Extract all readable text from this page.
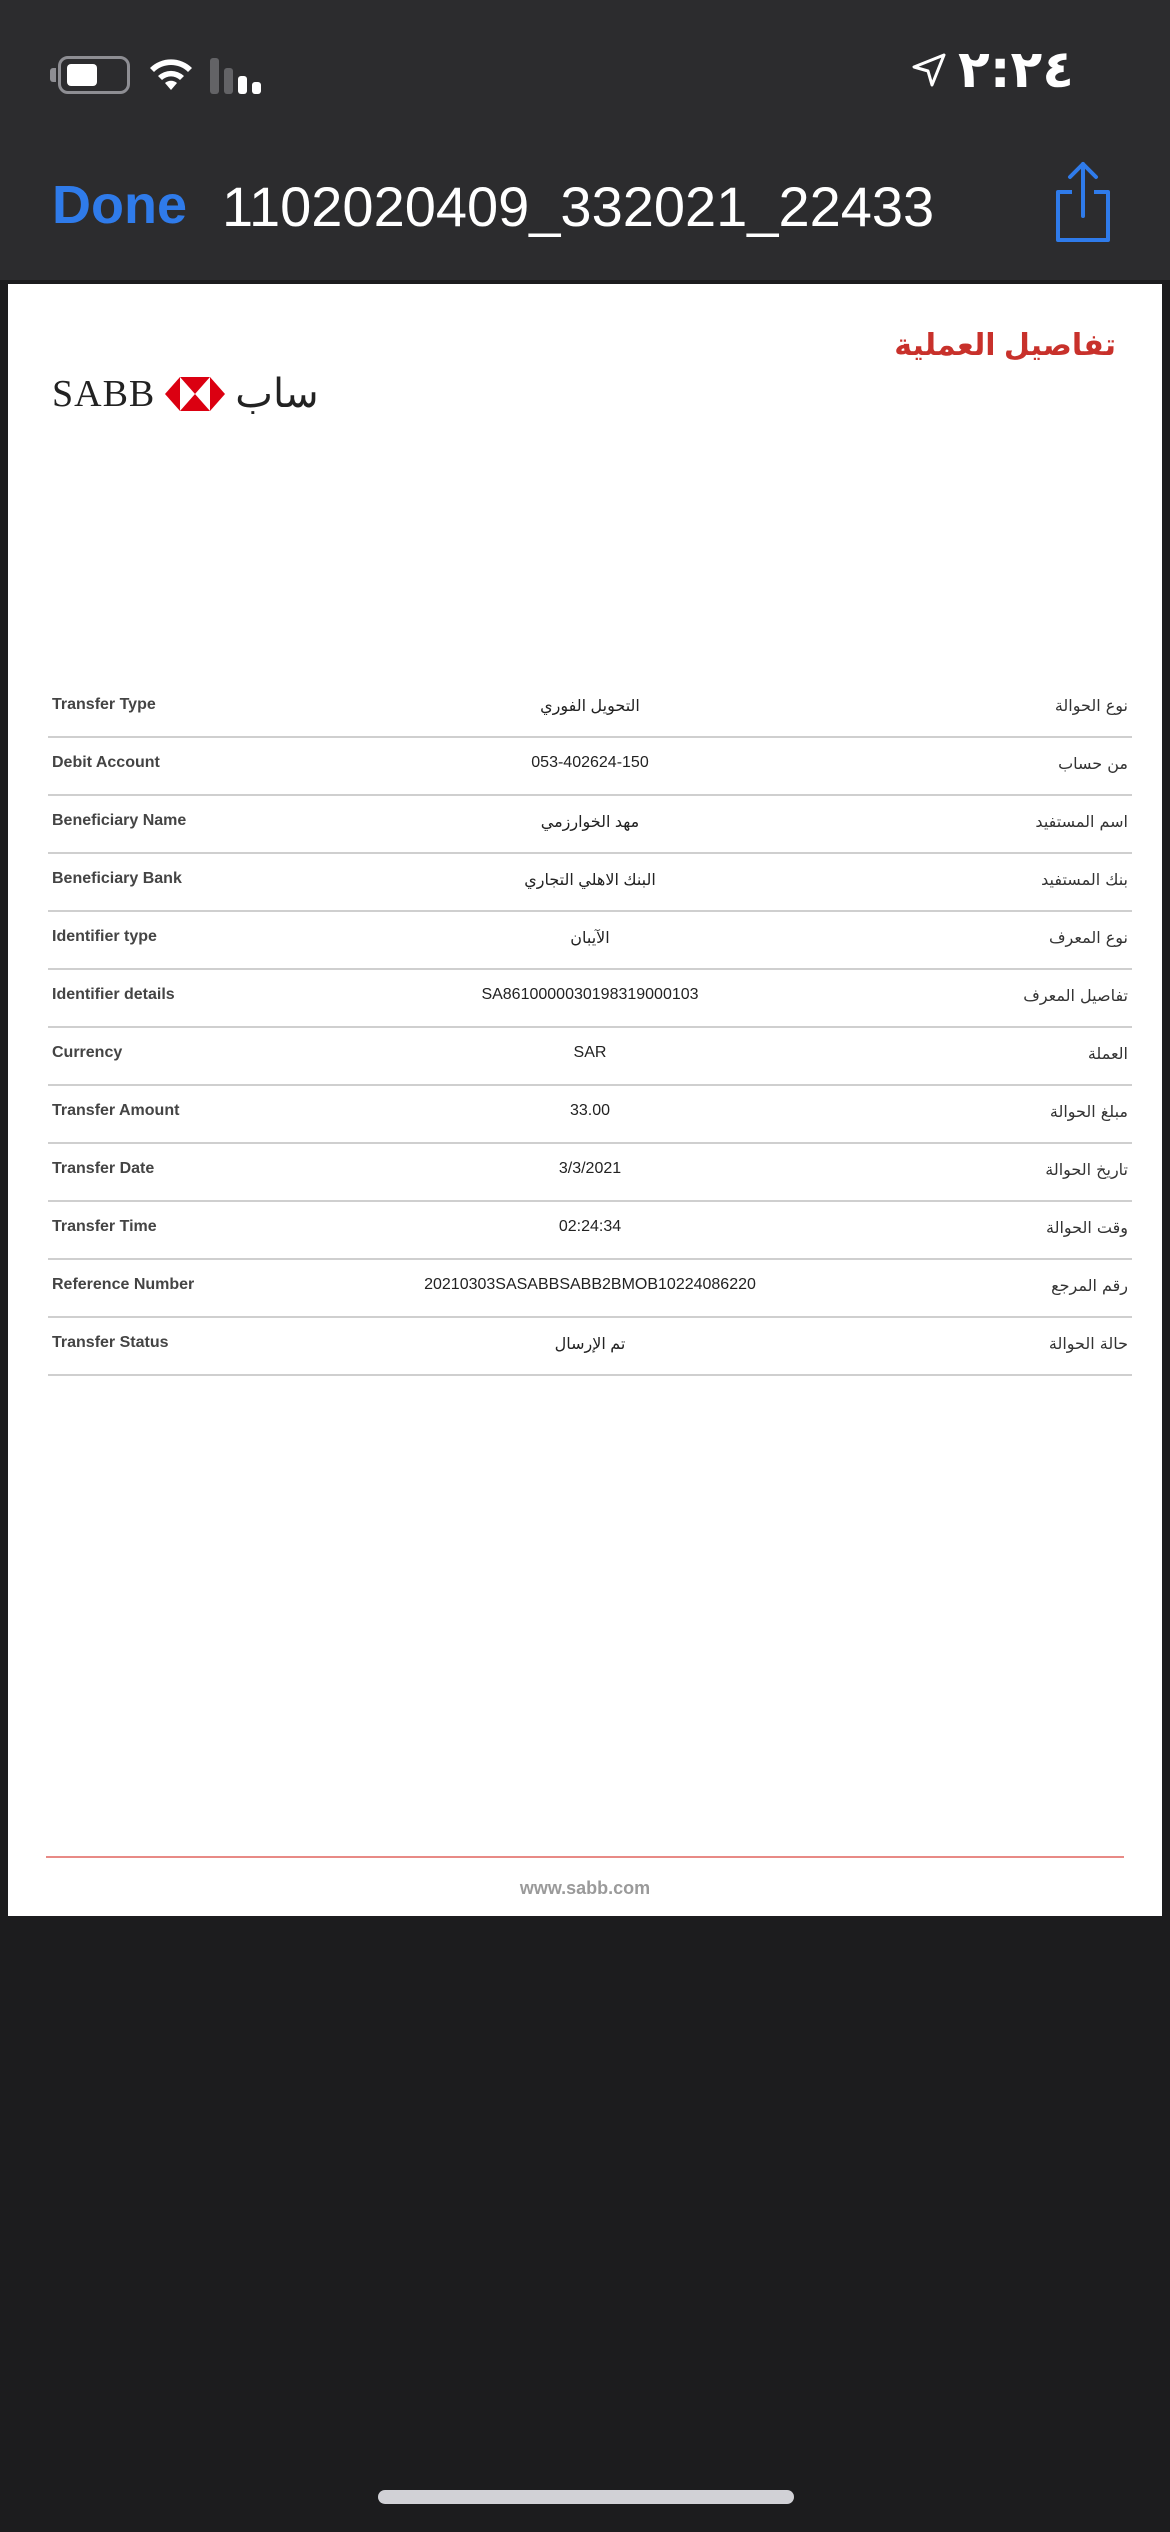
٢:٢٤
Done 1102020409_332021_22433
تفاصيل العملية
SABB ساب
Transfer Type	التحويل الفوري	نوع الحوالة
Debit Account	053-402624-150	من حساب
Beneficiary Name	مهد الخوارزمي	اسم المستفيد
Beneficiary Bank	البنك الاهلي التجاري	بنك المستفيد
Identifier type	الآيبان	نوع المعرف
Identifier details	SA8610000030198319000103	تفاصيل المعرف
Currency	SAR	العملة
Transfer Amount	33.00	مبلغ الحوالة
Transfer Date	3/3/2021	تاريخ الحوالة
Transfer Time	02:24:34	وقت الحوالة
Reference Number	20210303SASABBSABB2BMOB10224086220	رقم المرجع
Transfer Status	تم الإرسال	حالة الحوالة
www.sabb.com
